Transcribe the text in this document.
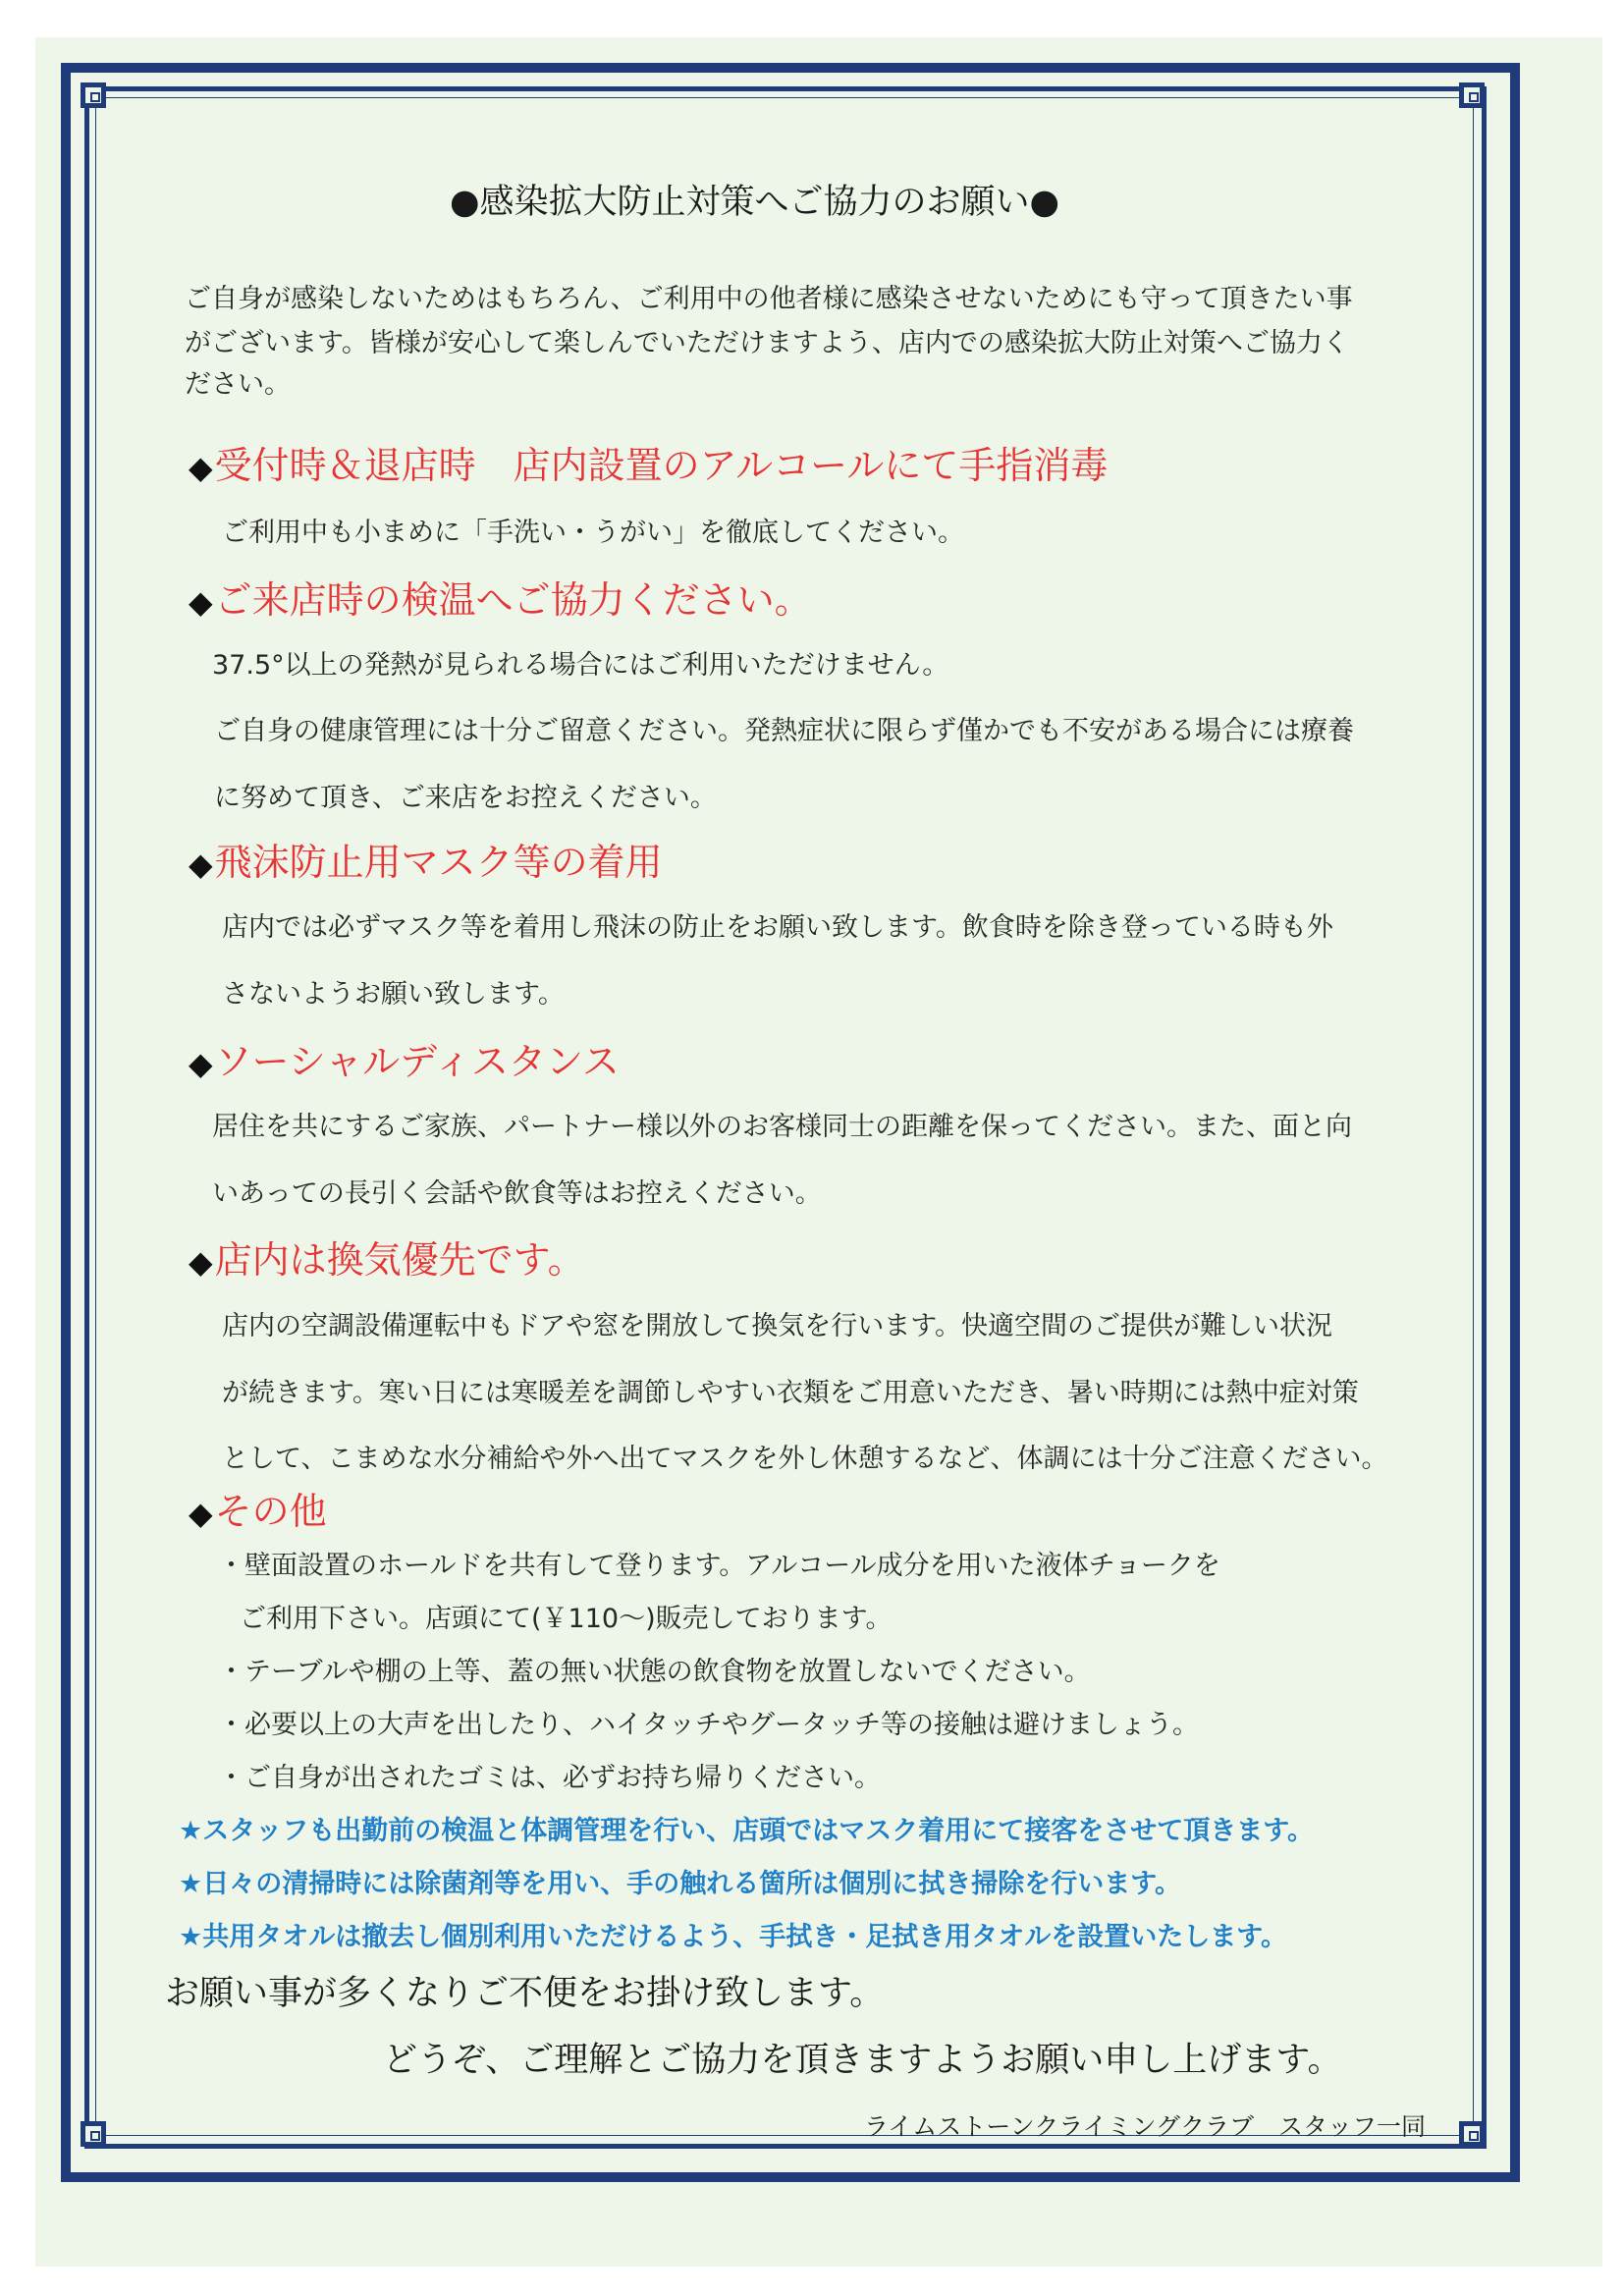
●感染拡大防止対策へご協力のお願い●
ご自身が感染しないためはもちろん、ご利用中の他者様に感染させないためにも守って頂きたい事
がございます。皆様が安心して楽しんでいただけますよう、店内での感染拡大防止対策へご協力く
ださい。
◆受付時＆退店時　店内設置のアルコールにて手指消毒
ご利用中も小まめに「手洗い・うがい」を徹底してください。
◆ご来店時の検温へご協力ください。
37.5°以上の発熱が見られる場合にはご利用いただけません。
ご自身の健康管理には十分ご留意ください。発熱症状に限らず僅かでも不安がある場合には療養
に努めて頂き、ご来店をお控えください。
◆飛沫防止用マスク等の着用
店内では必ずマスク等を着用し飛沫の防止をお願い致します。飲食時を除き登っている時も外
さないようお願い致します。
◆ソーシャルディスタンス
居住を共にするご家族、パートナー様以外のお客様同士の距離を保ってください。また、面と向
いあっての長引く会話や飲食等はお控えください。
◆店内は換気優先です。
店内の空調設備運転中もドアや窓を開放して換気を行います。快適空間のご提供が難しい状況
が続きます。寒い日には寒暖差を調節しやすい衣類をご用意いただき、暑い時期には熱中症対策
として、こまめな水分補給や外へ出てマスクを外し休憩するなど、体調には十分ご注意ください。
◆その他
・壁面設置のホールドを共有して登ります。アルコール成分を用いた液体チョークを
ご利用下さい。店頭にて(￥110〜)販売しております。
・テーブルや棚の上等、蓋の無い状態の飲食物を放置しないでください。
・必要以上の大声を出したり、ハイタッチやグータッチ等の接触は避けましょう。
・ご自身が出されたゴミは、必ずお持ち帰りください。
★スタッフも出勤前の検温と体調管理を行い、店頭ではマスク着用にて接客をさせて頂きます。
★日々の清掃時には除菌剤等を用い、手の触れる箇所は個別に拭き掃除を行います。
★共用タオルは撤去し個別利用いただけるよう、手拭き・足拭き用タオルを設置いたします。
お願い事が多くなりご不便をお掛け致します。
どうぞ、ご理解とご協力を頂きますようお願い申し上げます。
ライムストーンクライミングクラブ　スタッフ一同
